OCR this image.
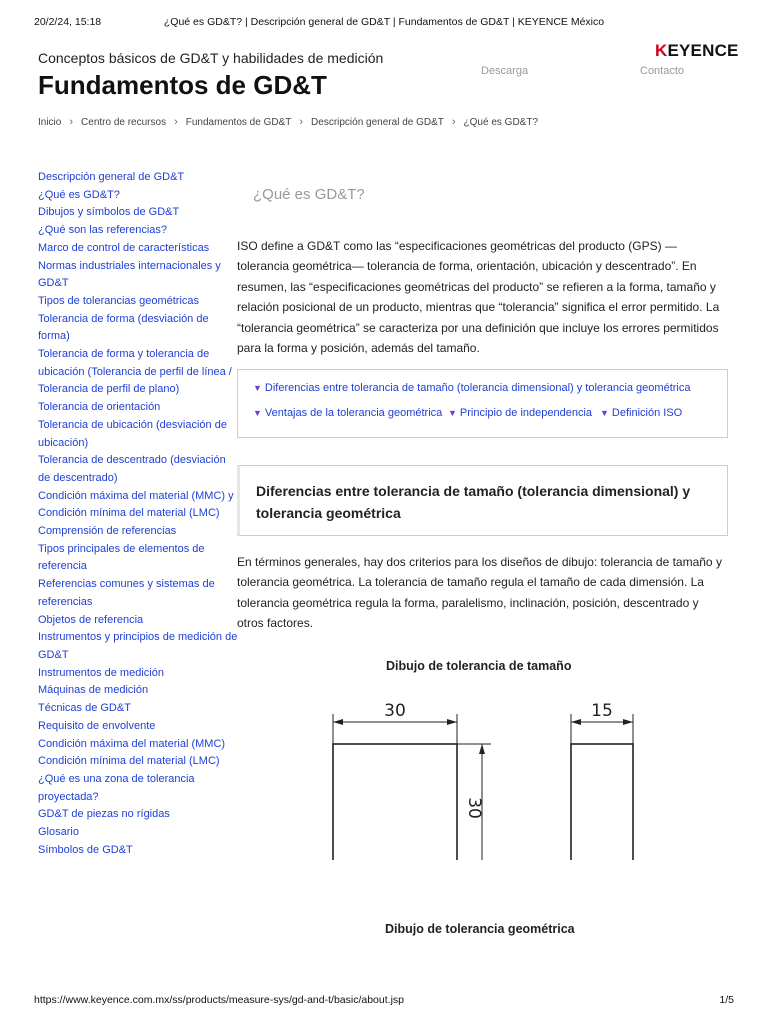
20/2/24, 15:18	¿Qué es GD&T? | Descripción general de GD&T | Fundamentos de GD&T | KEYENCE México
Conceptos básicos de GD&T y habilidades de medición
Fundamentos de GD&T	Descarga	Contacto
K EYENCE
Inicio › Centro de recursos › Fundamentos de GD&T › Descripción general de GD&T › ¿Qué es GD&T?
Descripción general de GD&T
¿Qué es GD&T?
Dibujos y símbolos de GD&T
¿Qué son las referencias?
Marco de control de características
Normas industriales internacionales y GD&T
Tipos de tolerancias geométricas
Tolerancia de forma (desviación de forma)
Tolerancia de forma y tolerancia de ubicación (Tolerancia de perfil de línea / Tolerancia de perfil de plano)
Tolerancia de orientación
Tolerancia de ubicación (desviación de ubicación)
Tolerancia de descentrado (desviación de descentrado)
Condición máxima del material (MMC) y Condición mínima del material (LMC)
Comprensión de referencias
Tipos principales de elementos de referencia
Referencias comunes y sistemas de referencias
Objetos de referencia
Instrumentos y principios de medición de GD&T
Instrumentos de medición
Máquinas de medición
Técnicas de GD&T
Requisito de envolvente
Condición máxima del material (MMC)
Condición mínima del material (LMC)
¿Qué es una zona de tolerancia proyectada?
GD&T de piezas no rígidas
Glosario
Símbolos de GD&T
¿Qué es GD&T?

ISO define a GD&T como las “especificaciones geométricas del producto (GPS) — tolerancia geométrica— tolerancia de forma, orientación, ubicación y descentrado”. En resumen, las “especificaciones geométricas del producto” se refieren a la forma, tamaño y relación posicional de un producto, mientras que “tolerancia” significa el error permitido. La “tolerancia geométrica” se caracteriza por una definición que incluye los errores permitidos para la forma y posición, además del tamaño.

▼ Diferencias entre tolerancia de tamaño (tolerancia dimensional) y tolerancia geométrica
▼ Ventajas de la tolerancia geométrica ▼ Principio de independencia ▼ Definición ISO
Diferencias entre tolerancia de tamaño (tolerancia dimensional) y tolerancia geométrica

En términos generales, hay dos criterios para los diseños de dibujo: tolerancia de tamaño y tolerancia geométrica. La tolerancia de tamaño regula el tamaño de cada dimensión. La tolerancia geométrica regula la forma, paralelismo, inclinación, posición, descentrado y otros factores.

Dibujo de tolerancia de tamaño
30	15
30
Dibujo de tolerancia geométrica
https://www.keyence.com.mx/ss/products/measure-sys/gd-and-t/basic/about.jsp	1/5
